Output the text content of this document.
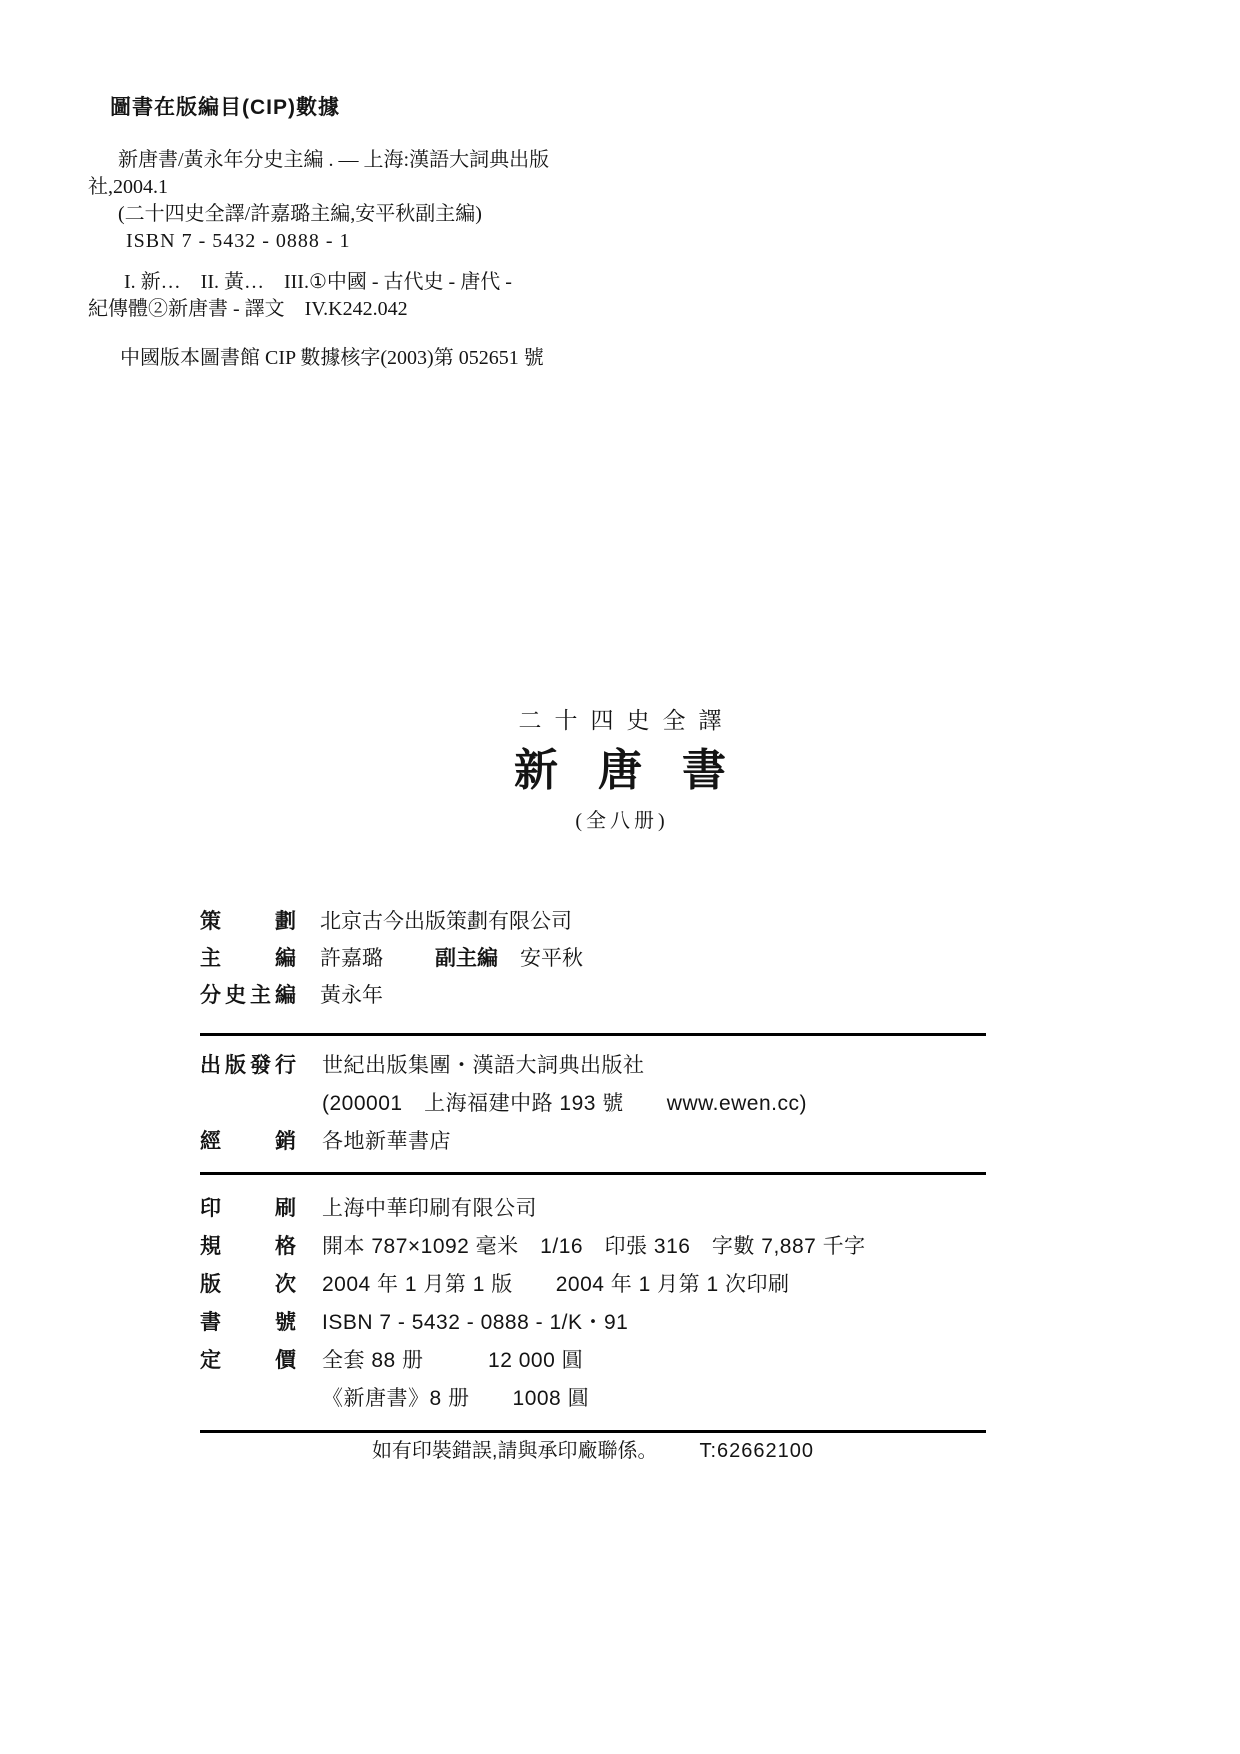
圖書在版編目(CIP)數據
新唐書/黃永年分史主編 . — 上海:漢語大詞典出版
社,2004.1
(二十四史全譯/許嘉璐主編,安平秋副主編)
ISBN 7 - 5432 - 0888 - 1
I. 新…　II. 黃…　III.①中國 - 古代史 - 唐代 -
紀傳體②新唐書 - 譯文　IV.K242.042
中國版本圖書館 CIP 數據核字(2003)第 052651 號
二十四史全譯
新唐書
(全八册)
策劃 北京古今出版策劃有限公司
主編 許嘉璐 副主編 安平秋
分史主編 黃永年
出版發行 世紀出版集團・漢語大詞典出版社
(200001　上海福建中路 193 號　　www.ewen.cc)
經銷 各地新華書店
印刷 上海中華印刷有限公司
規格 開本 787×1092 毫米　1/16　印張 316　字數 7,887 千字
版次 2004 年 1 月第 1 版　　2004 年 1 月第 1 次印刷
書號 ISBN 7 - 5432 - 0888 - 1/K・91
定價 全套 88 册　　　12 000 圓
《新唐書》8 册　　1008 圓
如有印裝錯誤,請與承印廠聯係。 T:62662100
